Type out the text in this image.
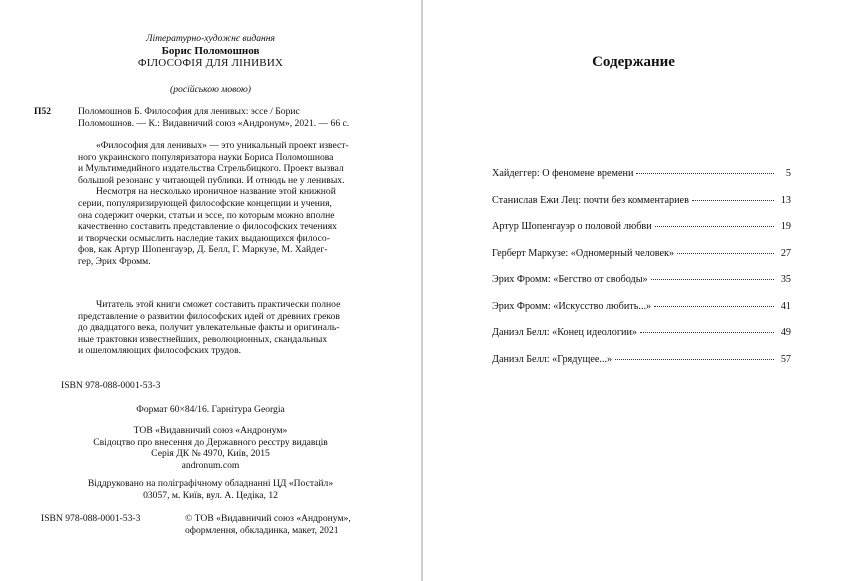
Літературно-художнє видання
Борис Поломошнов
ФІЛОСОФІЯ ДЛЯ ЛІНИВИХ
(російською мовою)
П52	Поломошнов Б. Философия для ленивых: эссе / Борис
Поломошнов. — К.: Видавничий союз «Андронум», 2021. — 66 с.
«Философия для ленивых» — это уникальный проект извест-
ного украинского популяризатора науки Бориса Поломошнова
и Мультимедийного издательства Стрельбицкого. Проект вызвал
большой резонанс у читающей публики. И отнюдь не у ленивых.
Несмотря на несколько ироничное название этой книжной
серии, популяризирующей философские концепции и учения,
она содержит очерки, статьи и эссе, по которым можно вполне
качественно составить представление о философских течениях
и творчески осмыслить наследие таких выдающихся филосо-
фов, как Артур Шопенгауэр, Д. Белл, Г. Маркузе, М. Хайдег-
гер, Эрих Фромм.
Читатель этой книги сможет составить практически полное
представление о развитии философских идей от древних греков
до двадцатого века, получит увлекательные факты и оригиналь-
ные трактовки известнейших, революционных, скандальных
и ошеломляющих философских трудов.
ISBN 978-088-0001-53-3
Формат 60×84/16. Гарнітура Georgia
ТОВ «Видавничий союз «Андронум»
Свідоцтво про внесення до Державного реєстру видавців
Серія ДК № 4970, Київ, 2015
andronum.com
Віддруковано на поліграфічному обладнанні ЦД «Постайл»
03057, м. Київ, вул. А. Цедіка, 12
ISBN 978-088-0001-53-3	© ТОВ «Видавничий союз «Андронум»,
оформлення, обкладинка, макет, 2021
Содержание
Хайдеггер: О феномене времени	5
Станислав Ежи Лец: почти без комментариев	13
Артур Шопенгауэр о половой любви	19
Герберт Маркузе: «Одномерный человек»	27
Эрих Фромм: «Бегство от свободы»	35
Эрих Фромм: «Искусство любить...»	41
Даниэл Белл: «Конец идеологии»	49
Даниэл Белл: «Грядущее...»	57
